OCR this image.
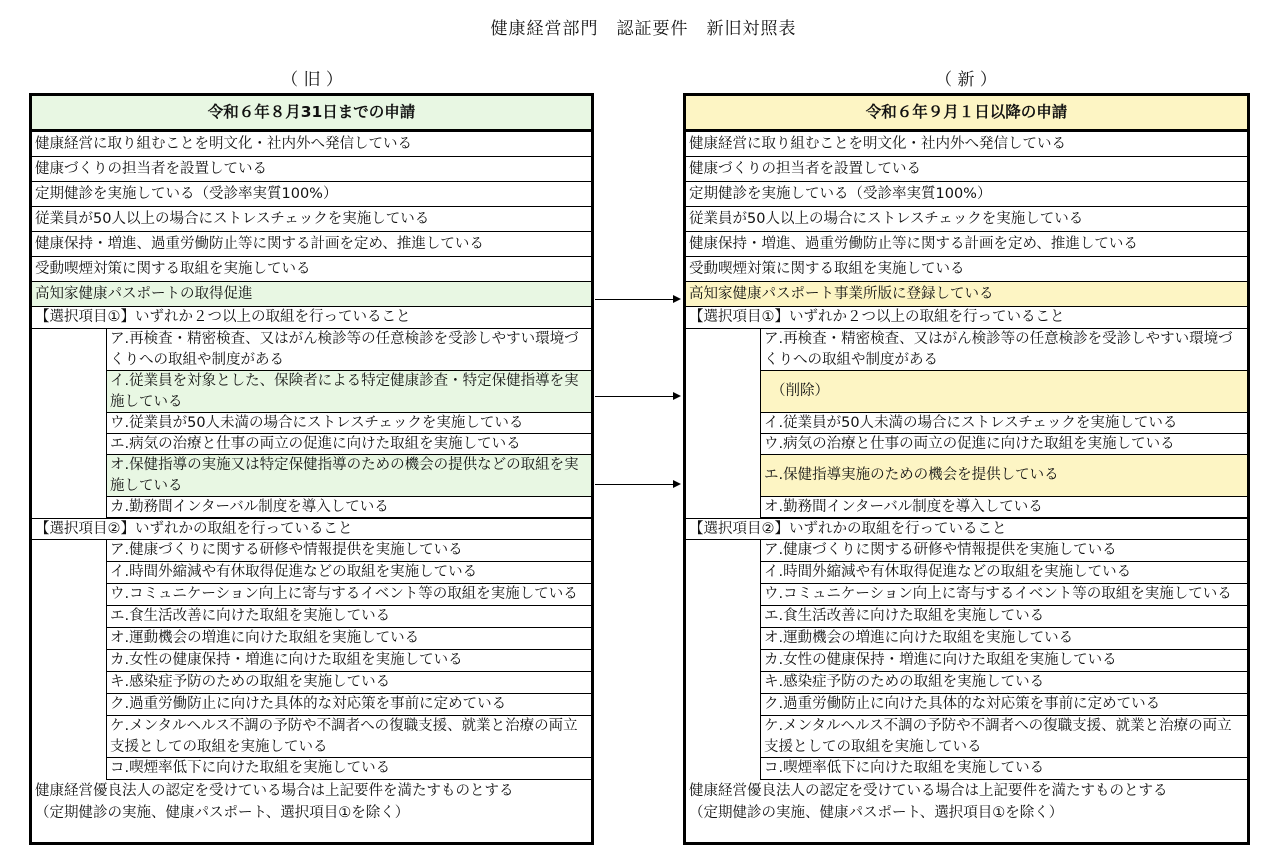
健康経営部門　認証要件　新旧対照表
（ 旧 ）	（ 新 ）
令和６年８月31日までの申請
健康経営に取り組むことを明文化・社内外へ発信している
健康づくりの担当者を設置している
定期健診を実施している（受診率実質100%）
従業員が50人以上の場合にストレスチェックを実施している
健康保持・増進、過重労働防止等に関する計画を定め、推進している
受動喫煙対策に関する取組を実施している
高知家健康パスポートの取得促進
【選択項目①】いずれか２つ以上の取組を行っていること
ア.再検査・精密検査、又はがん検診等の任意検診を受診しやすい環境づくりへの取組や制度がある
イ.従業員を対象とした、保険者による特定健康診査・特定保健指導を実施している
ウ.従業員が50人未満の場合にストレスチェックを実施している
エ.病気の治療と仕事の両立の促進に向けた取組を実施している
オ.保健指導の実施又は特定保健指導のための機会の提供などの取組を実施している
カ.勤務間インターバル制度を導入している
【選択項目②】いずれかの取組を行っていること
ア.健康づくりに関する研修や情報提供を実施している
イ.時間外縮減や有休取得促進などの取組を実施している
ウ.コミュニケーション向上に寄与するイベント等の取組を実施している
エ.食生活改善に向けた取組を実施している
オ.運動機会の増進に向けた取組を実施している
カ.女性の健康保持・増進に向けた取組を実施している
キ.感染症予防のための取組を実施している
ク.過重労働防止に向けた具体的な対応策を事前に定めている
ケ.メンタルヘルス不調の予防や不調者への復職支援、就業と治療の両立支援としての取組を実施している
コ.喫煙率低下に向けた取組を実施している
健康経営優良法人の認定を受けている場合は上記要件を満たすものとする
（定期健診の実施、健康パスポート、選択項目①を除く）
令和６年９月１日以降の申請
健康経営に取り組むことを明文化・社内外へ発信している
健康づくりの担当者を設置している
定期健診を実施している（受診率実質100%）
従業員が50人以上の場合にストレスチェックを実施している
健康保持・増進、過重労働防止等に関する計画を定め、推進している
受動喫煙対策に関する取組を実施している
高知家健康パスポート事業所版に登録している
【選択項目①】いずれか２つ以上の取組を行っていること
ア.再検査・精密検査、又はがん検診等の任意検診を受診しやすい環境づくりへの取組や制度がある
（削除）
イ.従業員が50人未満の場合にストレスチェックを実施している
ウ.病気の治療と仕事の両立の促進に向けた取組を実施している
エ.保健指導実施のための機会を提供している
オ.勤務間インターバル制度を導入している
【選択項目②】いずれかの取組を行っていること
ア.健康づくりに関する研修や情報提供を実施している
イ.時間外縮減や有休取得促進などの取組を実施している
ウ.コミュニケーション向上に寄与するイベント等の取組を実施している
エ.食生活改善に向けた取組を実施している
オ.運動機会の増進に向けた取組を実施している
カ.女性の健康保持・増進に向けた取組を実施している
キ.感染症予防のための取組を実施している
ク.過重労働防止に向けた具体的な対応策を事前に定めている
ケ.メンタルヘルス不調の予防や不調者への復職支援、就業と治療の両立支援としての取組を実施している
コ.喫煙率低下に向けた取組を実施している
健康経営優良法人の認定を受けている場合は上記要件を満たすものとする
（定期健診の実施、健康パスポート、選択項目①を除く）
